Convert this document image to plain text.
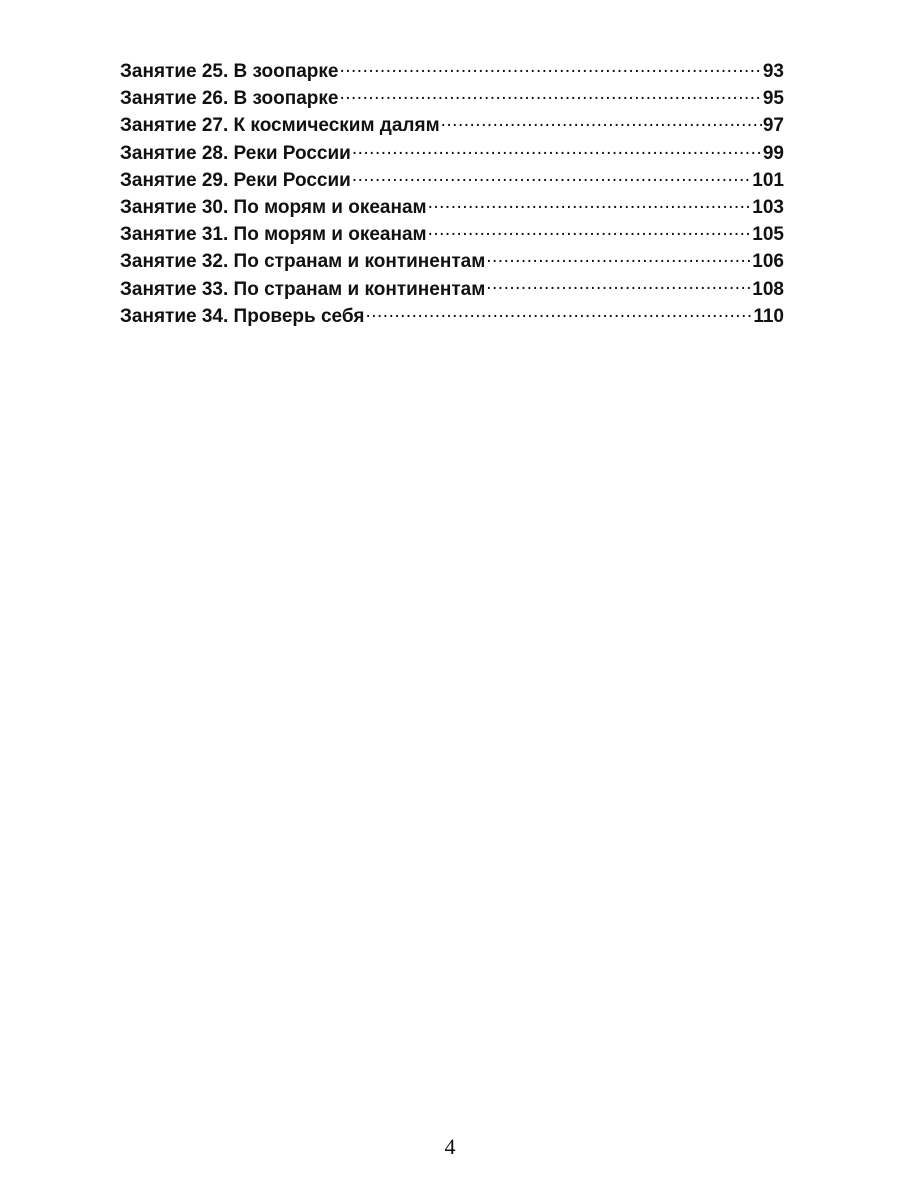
Занятие 25. В зоопарке .....	93
Занятие 26. В зоопарке .....	95
Занятие 27. К космическим далям .....	97
Занятие 28. Реки России .....	99
Занятие 29. Реки России .....	101
Занятие 30. По морям и океанам .....	103
Занятие 31. По морям и океанам .....	105
Занятие 32. По странам и континентам .....	106
Занятие 33. По странам и континентам .....	108
Занятие 34. Проверь себя .....	110
4
